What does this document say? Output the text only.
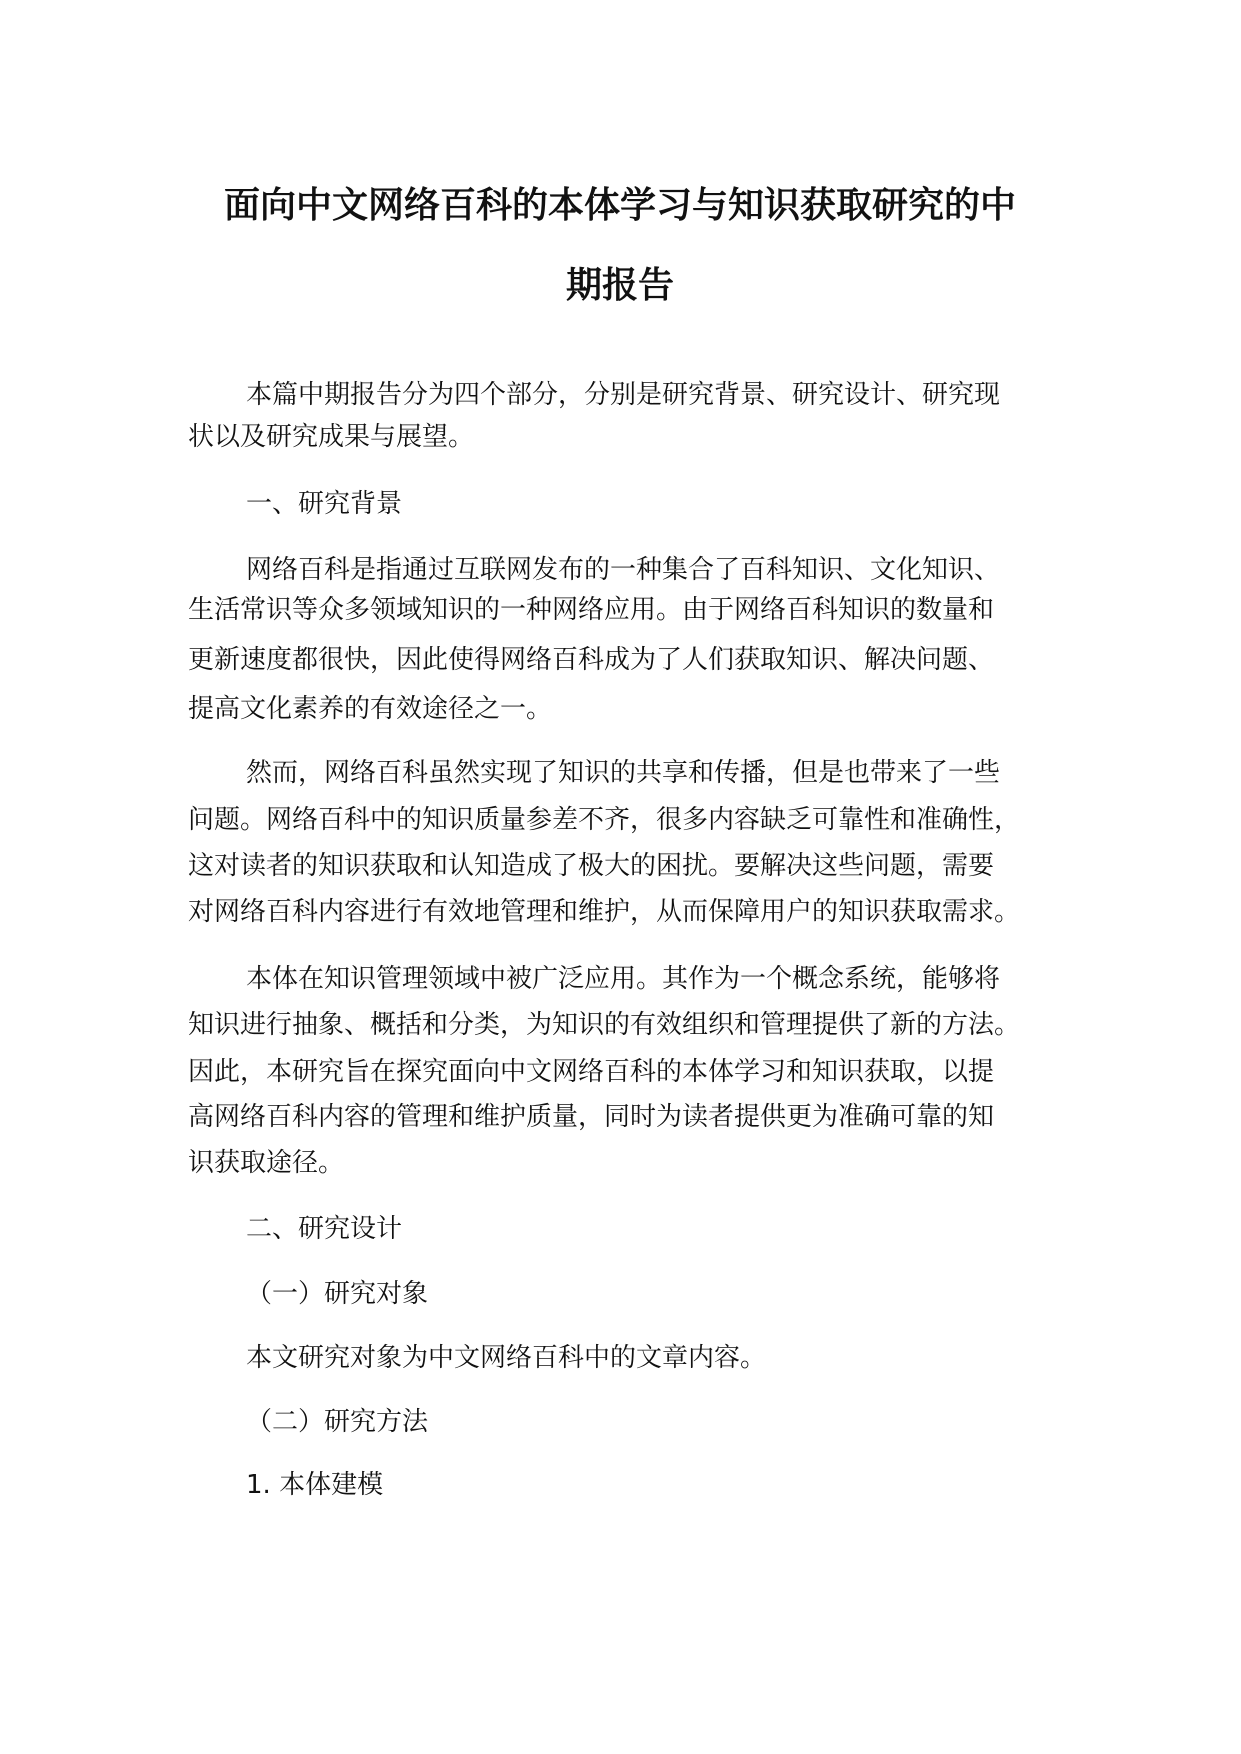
面向中文网络百科的本体学习与知识获取研究的中
期报告

本篇中期报告分为四个部分，分别是研究背景、研究设计、研究现

状以及研究成果与展望。

一、研究背景

网络百科是指通过互联网发布的一种集合了百科知识、文化知识、

生活常识等众多领域知识的一种网络应用。由于网络百科知识的数量和

更新速度都很快，因此使得网络百科成为了人们获取知识、解决问题、

提高文化素养的有效途径之一。

然而，网络百科虽然实现了知识的共享和传播，但是也带来了一些

问题。网络百科中的知识质量参差不齐，很多内容缺乏可靠性和准确性，

这对读者的知识获取和认知造成了极大的困扰。要解决这些问题，需要

对网络百科内容进行有效地管理和维护，从而保障用户的知识获取需求。

本体在知识管理领域中被广泛应用。其作为一个概念系统，能够将

知识进行抽象、概括和分类，为知识的有效组织和管理提供了新的方法。

因此，本研究旨在探究面向中文网络百科的本体学习和知识获取，以提

高网络百科内容的管理和维护质量，同时为读者提供更为准确可靠的知

识获取途径。

二、研究设计

（一）研究对象

本文研究对象为中文网络百科中的文章内容。

（二）研究方法

1. 本体建模
